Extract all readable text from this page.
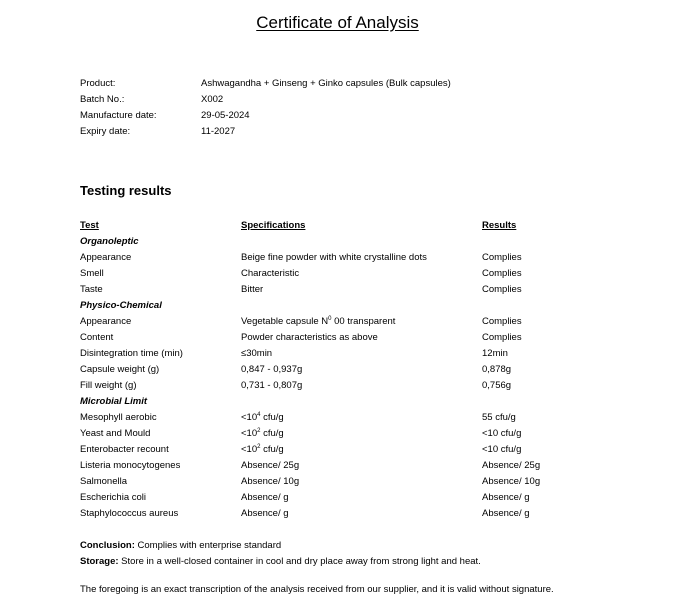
Certificate of Analysis
Product:	Ashwagandha + Ginseng + Ginko capsules (Bulk capsules)
Batch No.:	X002
Manufacture date:	29-05-2024
Expiry date:	11-2027
Testing results
Test	Specifications	Results
Organoleptic
Appearance	Beige fine powder with white crystalline dots	Complies
Smell	Characteristic	Complies
Taste	Bitter	Complies
Physico-Chemical
Appearance	Vegetable capsule $N^0$ 00 transparent	Complies
Content	Powder characteristics as above	Complies
Disintegration time (min)	≤30min	12min
Capsule weight (g)	0,847 - 0,937g	0,878g
Fill weight (g)	0,731 - 0,807g	0,756g
Microbial Limit
Mesophyll aerobic	$<10^4$ cfu/g	55 cfu/g
Yeast and Mould	$<10^2$ cfu/g	<10 cfu/g
Enterobacter recount	$<10^2$ cfu/g	<10 cfu/g
Listeria monocytogenes	Absence/ 25g	Absence/ 25g
Salmonella	Absence/ 10g	Absence/ 10g
Escherichia coli	Absence/ g	Absence/ g
Staphylococcus aureus	Absence/ g	Absence/ g
Conclusion: Complies with enterprise standard
Storage: Store in a well-closed container in cool and dry place away from strong light and heat.
The foregoing is an exact transcription of the analysis received from our supplier, and it is valid without signature.
